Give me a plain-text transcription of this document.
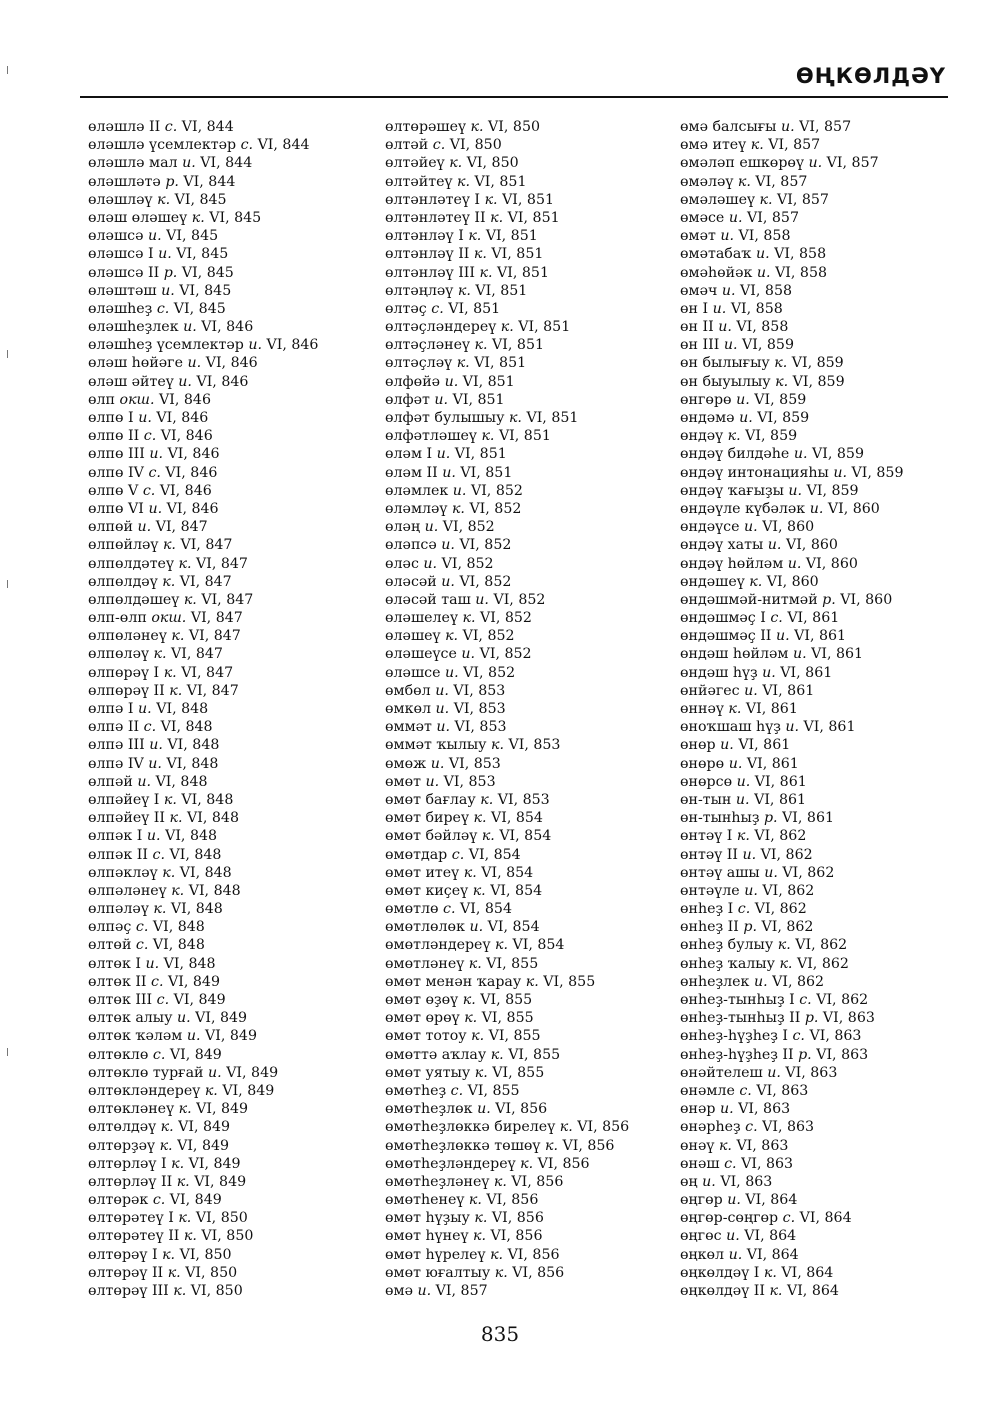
ӨҢКӨЛДӘҮ
өләшлә II с. VI, 844
өләшлә үсемлектәр с. VI, 844
өләшлә мал и. VI, 844
өләшләтә р. VI, 844
өләшләү к. VI, 845
өләш өләшеү к. VI, 845
өләшсә и. VI, 845
өләшсә I и. VI, 845
өләшсә II р. VI, 845
өләштәш и. VI, 845
өләшһеҙ с. VI, 845
өләшһеҙлек и. VI, 846
өләшһеҙ үсемлектәр и. VI, 846
өләш һөйәге и. VI, 846
өләш әйтеү и. VI, 846
өлп окш. VI, 846
өлпө I и. VI, 846
өлпө II с. VI, 846
өлпө III и. VI, 846
өлпө IV с. VI, 846
өлпө V с. VI, 846
өлпө VI и. VI, 846
өлпөй и. VI, 847
өлпөйләү к. VI, 847
өлпөлдәтеү к. VI, 847
өлпөлдәү к. VI, 847
өлпөлдәшеү к. VI, 847
өлп-өлп окш. VI, 847
өлпөләнеү к. VI, 847
өлпөләү к. VI, 847
өлпөрәү I к. VI, 847
өлпөрәү II к. VI, 847
өлпә I и. VI, 848
өлпә II с. VI, 848
өлпә III и. VI, 848
өлпә IV и. VI, 848
өлпәй и. VI, 848
өлпәйеү I к. VI, 848
өлпәйеү II к. VI, 848
өлпәк I и. VI, 848
өлпәк II с. VI, 848
өлпәкләү к. VI, 848
өлпәләнеү к. VI, 848
өлпәләү к. VI, 848
өлпәҫ с. VI, 848
өлтөй с. VI, 848
өлтөк I и. VI, 848
өлтөк II с. VI, 849
өлтөк III с. VI, 849
өлтөк алыу и. VI, 849
өлтөк ҡәләм и. VI, 849
өлтөклө с. VI, 849
өлтөклө турғай и. VI, 849
өлтөкләндереү к. VI, 849
өлтөкләнеү к. VI, 849
өлтөлдәү к. VI, 849
өлтөрҙәү к. VI, 849
өлтөрләү I к. VI, 849
өлтөрләү II к. VI, 849
өлтөрәк с. VI, 849
өлтөрәтеү I к. VI, 850
өлтөрәтеү II к. VI, 850
өлтөрәү I к. VI, 850
өлтөрәү II к. VI, 850
өлтөрәү III к. VI, 850
өлтөрәшеү к. VI, 850
өлтәй с. VI, 850
өлтәйеү к. VI, 850
өлтәйтеү к. VI, 851
өлтәнләтеү I к. VI, 851
өлтәнләтеү II к. VI, 851
өлтәнләү I к. VI, 851
өлтәнләү II к. VI, 851
өлтәнләү III к. VI, 851
өлтәңләү к. VI, 851
өлтәҫ с. VI, 851
өлтәҫләндереү к. VI, 851
өлтәҫләнеү к. VI, 851
өлтәҫләү к. VI, 851
өлфөйә и. VI, 851
өлфәт и. VI, 851
өлфәт булышыу к. VI, 851
өлфәтләшеү к. VI, 851
өләм I и. VI, 851
өләм II и. VI, 851
өләмлек и. VI, 852
өләмләү к. VI, 852
өләң и. VI, 852
өләпсә и. VI, 852
өләс и. VI, 852
өләсәй и. VI, 852
өләсәй таш и. VI, 852
өләшелеү к. VI, 852
өләшеү к. VI, 852
өләшеүсе и. VI, 852
өләшсе и. VI, 852
өмбөл и. VI, 853
өмкөл и. VI, 853
өммәт и. VI, 853
өммәт ҡылыу к. VI, 853
өмөж и. VI, 853
өмөт и. VI, 853
өмөт бағлау к. VI, 853
өмөт биреү к. VI, 854
өмөт бәйләү к. VI, 854
өмөтдар с. VI, 854
өмөт итеү к. VI, 854
өмөт киҫеү к. VI, 854
өмөтлө с. VI, 854
өмөтлөлөк и. VI, 854
өмөтләндереү к. VI, 854
өмөтләнеү к. VI, 855
өмөт менән ҡарау к. VI, 855
өмөт өҙөү к. VI, 855
өмөт өрөү к. VI, 855
өмөт тотоу к. VI, 855
өмөттә аҡлау к. VI, 855
өмөт уятыу к. VI, 855
өмөтһеҙ с. VI, 855
өмөтһеҙлөк и. VI, 856
өмөтһеҙлөккә бирелеү к. VI, 856
өмөтһеҙлөккә төшөү к. VI, 856
өмөтһеҙләндереү к. VI, 856
өмөтһеҙләнеү к. VI, 856
өмөтһенеү к. VI, 856
өмөт һүҙыу к. VI, 856
өмөт һүнеү к. VI, 856
өмөт һүрелеү к. VI, 856
өмөт юғалтыу к. VI, 856
өмә и. VI, 857
өмә балсығы и. VI, 857
өмә итеү к. VI, 857
өмәләп ешкөрөү и. VI, 857
өмәләү к. VI, 857
өмәләшеү к. VI, 857
өмәсе и. VI, 857
өмәт и. VI, 858
өмәтабаҡ и. VI, 858
өмәһөйәк и. VI, 858
өмәч и. VI, 858
өн I и. VI, 858
өн II и. VI, 858
өн III и. VI, 859
өн былығыу к. VI, 859
өн быуылыу к. VI, 859
өнгөрө и. VI, 859
өндәмә и. VI, 859
өндәү к. VI, 859
өндәү билдәһе и. VI, 859
өндәү интонацияһы и. VI, 859
өндәү ҡағыҙы и. VI, 859
өндәүле күбәләк и. VI, 860
өндәүсе и. VI, 860
өндәү хаты и. VI, 860
өндәү һөйләм и. VI, 860
өндәшеү к. VI, 860
өндәшмәй-нитмәй р. VI, 860
өндәшмәҫ I с. VI, 861
өндәшмәҫ II и. VI, 861
өндәш һөйләм и. VI, 861
өндәш һүҙ и. VI, 861
өнйәгес и. VI, 861
өннәү к. VI, 861
өноҡшаш һүҙ и. VI, 861
өнөр и. VI, 861
өнөрө и. VI, 861
өнөрсө и. VI, 861
өн-тын и. VI, 861
өн-тынһыҙ р. VI, 861
өнтәү I к. VI, 862
өнтәү II и. VI, 862
өнтәү ашы и. VI, 862
өнтәүле и. VI, 862
өнһеҙ I с. VI, 862
өнһеҙ II р. VI, 862
өнһеҙ булыу к. VI, 862
өнһеҙ ҡалыу к. VI, 862
өнһеҙлек и. VI, 862
өнһеҙ-тынһыҙ I с. VI, 862
өнһеҙ-тынһыҙ II р. VI, 863
өнһеҙ-һүҙһеҙ I с. VI, 863
өнһеҙ-һүҙһеҙ II р. VI, 863
өнәйтелеш и. VI, 863
өнәмле с. VI, 863
өнәр и. VI, 863
өнәрһеҙ с. VI, 863
өнәү к. VI, 863
өнәш с. VI, 863
өң и. VI, 863
өңгөр и. VI, 864
өңгөр-сөңгөр с. VI, 864
өңгөс и. VI, 864
өңкөл и. VI, 864
өңкөлдәү I к. VI, 864
өңкөлдәү II к. VI, 864
835
